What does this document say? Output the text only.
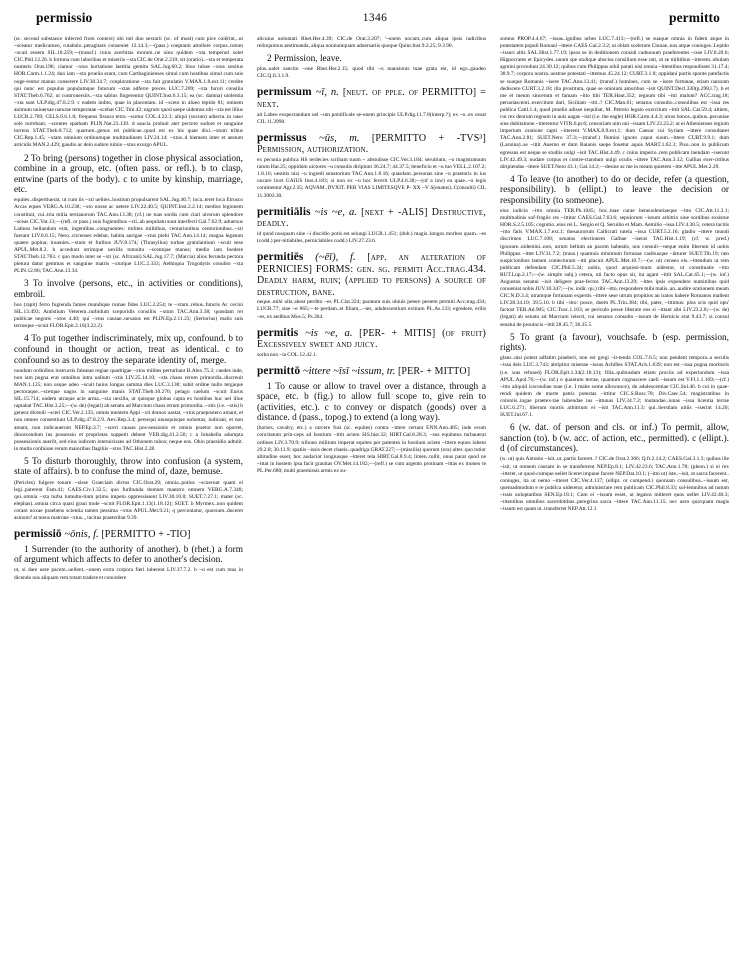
permissio	1346	permitto
(sc. second substance inferred from context) ubi toti duo sextarii (sc. of must) cum pice coiërint,..ut ~sceatur medicamen, rutabulo..peragitare conseniet 12.14.3;—(pass.) coeptanti attollere corpus..totum ~scuit ensem SIL.10.259;—(transf.) cuius acerbitas morum..ne uino quidem ~xta temperari solet CIC.Phil.12.26. b fortuna cum laboribus et miseriis ~xta CIC.de Orat.2.210; sit (oratio)..~xta et temperata numeris Orat.196; clamor ~xtus hortatione laetitia gemitu SAL.Jug.60.2; lituo tubae ~xtus sonitus HOR.Carm.1.1.24; duo iam ~xta proelia erant, cum Carthaginienses simul cum hostibus simul cum suis ooge‐rentur manus conserere LIV.30.34.7; conploratione ~xta fuit gratulatio V.MAX.1.8.ext.11; credite qui nunc est populus populumque futurum ~xtas adferre preces LUC.7.209; ~xta furori consilia STAT.Theb.6.762; ut controuersiis..~xta sabius fingerentur QUINT.Inst.6.3.15; ea (sc. damna) uiolentia ~xta sunt ULP.dig.47.8.2.9. c eadem indito, quae in placentam. id ~sceto in alueo tepido 81; omnem animum uniuersae naturae temperatae ~scebat CIC.Tim.42; nigrum quod saepe uidemus ubi ~xta est illius LUCR.2.769; CELS.6.6.1.8; frequens fissura terra ~scetur COL.4.22.3; aliqui (sucum) adiecta..in uaso sole torrebant, ~scentes spatham PLIN.Nat.23.139. d saucia prohuit ater pectore sudore et sanguine torrens STAT.Theb.8.712; quartum..genus rei publicae..quod est ex his quae dixi..~xtum tribus CIC.Rep.1.45; ~xtam omnium ordinumque multitudinem LIV.24.14; ~xtos..d hiemem inter et aestum articulis MAN.2.429; gaudio ac dein sudore nimio ~xtus exurgo APUL.
2 To bring (persons) together in close physical association, combine in a group, etc. (often pass. or refl.). b to clasp, entwine (parts of the body). c to unite by kinship, marriage, etc.
equites..dispertiuerat, ut cum iis ~xti uelites..hostium propulsarent SAL.Jug.46.7; loca..teret loca Etrusco Arcas eques VERG.A.10.238; ~xto nosse ac uetere LIV.22.40.5; QUINT.Inst.2.2.14; medios legionem constituit, cui..tria milia tertianorum TAC.Ann.13.38; (cf.) ne tuas sordis cum clari uirorum splendore ~sceas CIC.Vat.13;—(refl. or pass.) suis fugientibus ~xti..ab aequitatu sunt interfecti Gal.7.62.9; aduersus Latinos bellandum erat, ingentibus..congruentes: milites militibus, centurionibus centurionibus..~xti fuerant LIV.8.6.15; Nero..circenses edebat, habita aurigae ~xtus plebi TAC.Ann.14.14; magna legatum quaere popina; inuenies..~xtum et furibus JUV.8.174; (Thrasyllus) turbae gratulantium ~scuit sese APUL.Met.8.2. b accedunt utrimque uexilla tumultu ~scentque manus; medio iam foedere STAT.Theb.12.783. c quo modo inter se ~xti (sc. Africani) SAL.Jug.17.7; (Marcia) alios fecunda pectora pletura datur gemmas et sanguine matris ~xturque LUC.2.333; Aethiopia Trogodytis conubio ~xta PLIN.12.86; TAC.Ann.13.34.
3 To involve (persons, etc., in activities or conditions), embroil.
hos (rapit) ferro fugienda fames mundique ruinae fides LUC.2.254; te ~xtum..rebus..futuris Ac cecini SIL.13.493; Antistium Veterem..turbidum sceporidis consiliis ~xtum TAC.Ann.3.38; quosdam rei publicae negotis ~xtos 4.40; qui ~xtus causae..uexatus est PLIN.Ep.2.11.23; (Sertorius) malis suis terrasque ~scuit FLOR.Epit.2.10(3.22.2).
4 To put together indiscriminately, mix up, confound. b to confound in thought or action, treat as identical. c to confound so as to destroy the separate identity of, merge.
nondum ordinibus instructis faleatae regiae quadrigae ~xtos milites perturbant B.Alex.75.2; caedes inde, non iam pugna erat omnibus intra uallum ~xtis LIV.25.14.10; ~xta chaos rerum primordia..discreuit MAN.1.125; non usque adeo ~scuit huius longus summa dies LUC.3.138; subit ordine nullo tergaque pectoraque..~scetque uagos in sanguine manis STAT.Theb.10.276; pelago caelum ~scuit Eurus SIL.15.714; eadem utraque acie arma..~xta uexilla, ut quisque globus capta ex hostibus huc uel illue raptabat TAC.Hist.3.25;—(w. de) (legati) ab senatu ad Marcium chaos rerum primordia..~xtis (i.e. ~xtis) b genera dicendi ~sceri CIC.Ver.2.135; omnis mentem Appi ~xit domos uastat, ~xtus praepostero amant, et non omnes consentiunt ULP.dig.47.8.2.9. Aex.Rep.3.4; persequi unusquisque uoluntas, indicant, et non amant, non indicauerunt NEP.Ep.3.7; ~sceri causas pos‐sessionis et omnis praetor non oportet, dinoscendum ius possessio et proprietas suppetit debent VER.dig.41.2.50; c a Iohahella adumpta possessionis auerilt, sed eius iudicem interuicisses ad Othonem tubos; neque eos. Ohio praesidio adtulit. in multa confuisse rerum maioribus flagitiis ~xtos TAC.Hist.2.28.
5 To disturb thoroughly, throw into confusion (a system, state of affairs). b to confuse the mind of, daze, bemuse.
(Pericles) fulgere tonare ~sisse Graeciam dictus CIC.Orat.29; omnia..potius ~scuerunt quam ei legi..parerent Fam.41; CAES.Civ.1.32.5; quo furibunda domum maestro omnem VERG.A.7.348; qui..omnia ~xta turba tumultu‐tium primo impetu oppressissent LIV.30.10.8; SUET.7.27.1; mater (sc. elephas)..omnia circa quasi graui mole ~scuit FLOR.Epit.1.13(1.18.12); SUET. b Myrmex..non quidem coram noxae praebens scientia tamen pessima ~xtus APUL.Met.9.21; q percontatur, quorsum..duceret asinum? at meus matrone ~xtus.., tacitus praeteribat 9.39.
permissiō ~ōnis, f. [PERMITTO + -TIO]
1 Surrender (to the authority of another). b (rhet.) a form of argument which affects to defer to another's decision.
ut, si dare uere pacem..uellent..~onem extra corpora fieri iuberent LIV.37.7.2. b ~o est cum mus in dicendo nos aliquam rem totam tradere et concedere
alicuius uoluntati Rhet.Her.4.39; CIC.de Orat.3.207; '~onem uocant..cum aliqua ipsis iudicibus relinquimus aestimanda, aliqua nonnumquam aduersariis quoque Quint.Inst.9.2.25; 9.3.90.
2 Permission, leave.
plus..ualet sanctio ~one Rhet.Her.2.15; quod tibi ~o mansionis tuae grata est, id ego..gaudeo CIC.Q.fr.3.1.9.
permissum ~ī, n. [neut. of pple. of PERMITTO] = next.
ait Labeo exspectandum uel ~um pontificale se‐onem principis ULP.dig.11.7.8(interp.?); ex ~o..ex ornat CIL 11.3990.
permissus ~ūs, m. [PERMITTO + -TVS³] Permission, authorization.
ex pecunia publica HS terdecies scribam tuum ~ abstulisse CIC.Ver.3.184; seruitium, ~u magistratuum ratum Har.25; oppidum uictores ~u consulis diripiunt 36.24.7; 44.37.5; beneficio et ~u tuo VELL.2.107.2; 1.8.16; uestitis nisi ~u ingredi senatorium TAC.Ann.1.8.16; quasdam..personas sine ~u praetoris in ius uocare licet GAIUS Inst.4.183; si non ex ~u hoc fecerit ULP.4.6.38;—(of a law) ea quae..~u legis continentur Agr.2.35; AQVAM..DVXIT..PER VIAS LIMITESQVE P‐ XX ~V S(enatus)..C(onsulti) CIL 11.3003.30.
permitiālis ~is ~e, a. [next + -ALIS] Destructive, deadly.
id quod nusquam sine ~i discidio potis est seiungi LUCR.1.451; (dub.) magis..longos morbos quam..~es (codd.) per‐nitiabiles, perniciabiles codd.) LIV.27.23.6.
permitiēs (~ēī), f. [app. an alteration of PERNICIES] FORMS: gen. sg. permiti Acc.trag.434. Deadly harm, ruin; (applied to persons) a source of destruction, bane.
neque..mihi ulla abest perdito ~es PL.Cist.224; paratum suis uhiuis petere pestem permiti Acc.trag.434; LUCR.77; sine ~e 865;—te perdam..et filiam,..~ies, adulescentium exitium PL.As.133; egredere, erilis ~es, ex aedibus Mos.5; Ps.364.
permitis ~is ~e, a. [PER- + MITIS] (of fruit) Excessively sweet and juicy.
sorba non ~ia COL.12.42.1.
permittō ~ittere ~īsī ~issum, tr. [PER- + MITTO]
1 To cause or allow to travel over a distance, through a space, etc. b (fig.) to allow full scope to, give rein to (activities, etc.). c to convey or dispatch (goods) over a distance. d (pass., topog.) to extend (a long way).
(horses, cavalry, etc.) a carcere fusi (sc. equites) contra ~ittere certant ENN.Ann.485; inde ecum concitatum prin‐ceps ad hostium ~ittit aciem SIS.hist.32; HIRT.Gal.8.28.3; ~sus equitatus turbauerat ordines LIV.3.70.9; tribuno militum imperat equites per patentes in hostium aciem ~ittere equos iubent 29.2.8; 30.11.9; spatiis ~issis decet chaeis..quadriga GRAT.227;—(missilia) quorum (ora) alter..quo tutior altitudine esset, hoc audacior longiusque ~itteret tela HIRT.Gal.8.9.4; limen..tollit, onus parat quod ne ~ittat in hostem ipsa facit grauitas OV.Met.14.182;—(refl.) se cum argento protinam ~ittas ex moneo te PL.Per.680; multi praemissis armis ex su‐
somno PROP.4.4.67; ~issas..ignibus urbes LUC.7.413;—(refl.) se suaque omnia in fidem atque in potestatem populi Romani ~ittere CAES.Gal.2.3.2; ut oblati scelerum Cinnae..nos atque coniuges..Lepido ~issuri altis SAL.Hist.1.77.19; ipsos se in deditionem consuli cadnouum praeferentes ~isse LIV.8.20.6; Hippocrates et Epicydes..unum spe undique abscisa consilium esse rati, ut se militibus ~itterent..obulam agmini procedunt 24.30.12; quibus cum Philippus nihil parati nisi omnia ~ittentibus respondisset 31.17.4; 38.9.7; corpora nostra..uestrae potestati ~ittemus 45.24.12; CURT.3.1.8; oppidani portis sponte patefactis se suaque Romanis ~isere TAC.Ann.13.41; (transf.) homines, cum se ~isere fortunae, etiam naturam dediscere CURT.3.2.18; illa prostituta, quae se omnium amoribus ~isit QUINT.Decl.330(p.298,l.7). b et me et meum sincerum et famam ~itto tibi TER.Haut.352; regnum tibi ~itti malunt? ACC.trag.18; peruolascenti..exercitum dari, Siciliam ~itti..? CIC.Man.61; senatus consulto..consulibus est ~issa res publica Catil.1.4; quod proelio adisse nequibat, M. Petreio legato exercitum ~ittit SAL.Cat.59.4; altiem, cui rex deorum regnum in auis uagas ~isit (i.e. the eagle) HOR.Carm.4.4.3; uiros bonos..quibus..pecuniae sine dubitatione ~itterentur VITR.6.pr.6; censoriam uim uni ~issam LIV.23.23.2; ut ei Athenienses regium imperium oratione capti ~itterent V.MAX.8.9.ext.1; dum Caesar cui Syriam ~ittere consultaret TAC.Ann.2.81; SUET.Nero 37.3;—(transf.) flumini ignoto caput suum..~ittere CURT.9.9.1; dum (Laruina)..se ~ittit Auerno et dum Baianis saepe fouetur aquis MART.1.62.3; Piso..non in publicum egressus est neque se studiis uulgi ~isit TAC.Hist.4.49. c cuius imperio..rem publicam tuendam ~iserunt LIV.42.49.3; nudare corpus et contre‐ctandum uulgi oculis ~ittere TAC.Ann.3.12; Gallias exer‐citibus diripiendas ~ittere SUET.Nero 43.1; Gal.14.2;—desine ac me in meam quietem ~itte APUL.Met.2.29.
4 To leave (to another) to do or decide, refer (a question, responsibility). b (ellipt.) to leave the decision or responsibility (to someone).
eius iudicio ~itto omnia TER.Ph.1045; hoc..tuae curae beneuolentiaeque ~itto CIC.Att.11.3.1; multitudinis suf‐fragiis res ~ittitur CAES.Gal.7.63.6; sepulorum ~issum arbitrio sine sordibus exsistue HOR.S.2.5.105; cognitio..eius rei L. Sergio et Q. Seruilio et Mam. Aemilio ~issa LIV.4.30.5; cetera tacitis ~itto fatis V.MAX.1.7.ext.1; thesaurorum Callicrati tutela ~issa CURT.5.2.16; gladio ~ittere mundi discrimen LUC.7.108; senatus electionem Galbae ~iserat TAC.Hist.1.19; (cf. w. pred.) ignorare..uidemini..non, utrum bellum an pacem habeatis, uos consuli—neque enim liberum id uobis Philippus ~ittet LIV.31.7.2; (trans.) quamuis minimum fortunae casibusque ~ātturer SUET.Tib.19; nen suspicionibus tantam coniecturam ~itti placuit APUL.Met.10.7;—(w. ut) censeo eis..~ittendum ut rem publicam defendant CIC.Phil.5.34; uobis, quod arquissi‐mum uidestur, ut constituatis ~itto RUT.Lup.2.17;—(w. simple subj.) cetera, uti facto opus sit, ita agant ~ittit SAL.Cat.45.1;—(w. inf.) Augustus senatui ~isit deligere prae‐fectos TAC.Ann.13.29; ~ittes ipsis expendere numinibus quid conueniat nobis JUV.10.347;—(w. indir. qu.) tibi ~itto, respondere mihi malis..an..audire orationem meam CIC.N.D.3.4; utramque fortunam expertis ~ittere sese utrum propitios an iratos habere Romanos mallent LIV.28.34.10; 39.5.10. b tibi ~itto: posce, duem PL.Trin.384; tibi, pater, ~ittimus: plus scis quid opu' factost TER.Ad.905; CIC.Tusc.1.103; se periculo posse liberare eos si ~ittant sibi LIV.23.2.8;—(w. de) (legati) ab senatu ad Marcium reiecti, cui senatus consulto ~issum de Hernicis erat 9.43.7; si consul senatui de prouincis ~ittit 28.45.7; 36.35.5.
5 To grant (a favour), vouchsafe. b (esp. permission, rights).
glans..nisi potest adfatim praeberi, non est gregi ~it‐tenda COL.7.6.5; non pendent tempora..a seculis ~issa deis LUC.3.743; abripitur miserae ~issus Achilles STAT.Ach.1.639; non est ~issa pugna morituris (i.e. was refused) FLOR.Epit.1.34(2.18.13); filia..quibusdam etiam prociis ad experiundum ~issa APUL.Apol.76;—(w. inf.) o quantum terrae, quantum cognoscere caeli ~issum est V.Fl.1.1.169;—(cf.) ~itto aliquid iracundiae tuae (i.e. I make some allowance), do adulescentiae CIC.Sul.46. b cui in quae‐rendi quidem de morte patris potestas ~ittitur CIC.S.Rosc.78; Div.Caec.54; magistratibus in coloniis..togae praetex‐tae habendae ius ~ittunus LIV.34.7.2; mutandae..iunas ~issa licentia terrae LUC.6.271; liberum mortis arbitrium ei ~isit TAC.Ann.11.3; qui..lierstiam uitiis ~iserint 14.20; SUET.Jul.67.1.
6 (w. dat. of person and cls. or inf.) To permit, allow, sanction (to). b (w. acc. of action, etc., permitted). c (ellipt.). d (of circumstances).
(w. ut) quis Antonio ~isit..ut..partis faceret..? CIC.de Orat.2.366; Q.fr.2.14.2; CAES.Gal.3.1.3; quibus ille ~isit, ut omnem causam in se transferrent NEP.Ep.8.1; LIV.42.23.6; TAC.Ann.1.78; (pleon.) si ei rex ~itteret, ut quod‐cumque uellet liceret impune facere NEP.Dat.10.1; (~itto ut) iste..~isit, ut sacra facerent.. coniuges, ita ut nemo ~itteret CIC.Ver.4.137; (ellipt. or compend.) quoniam consulibus..~issum est, quemadmodum e re publica uideretur, administrare rem publicam CIC.Phil.8.33; sol‐lemnibus ad nutum ~issis uoluptatibus SEN.Ep.18.1; Cum ei ~issum esset, ut legatos mitteret quos uellet LIV.42.40.3; ~ittentibus omnibus sacerdotibus..peregrina sacra ~ittere TAC.Ann.11.15; nec uero quicquam magis ~issum est quam ut..transferret NEP.Att.12.1
